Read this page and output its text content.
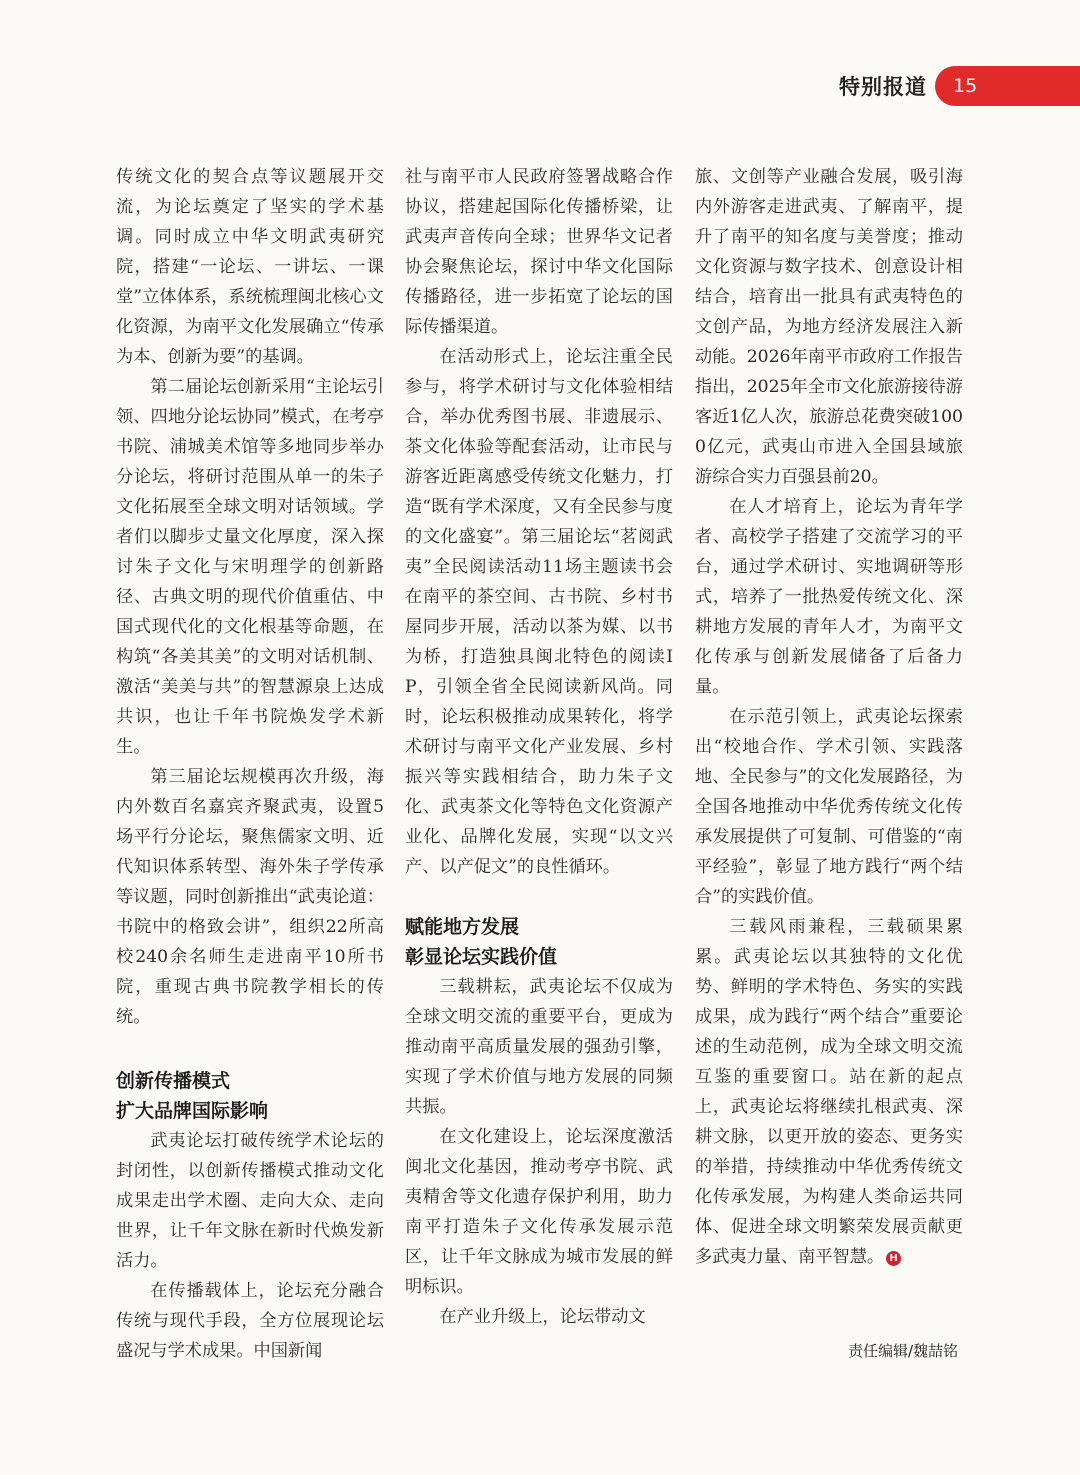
特别报道 15

传统文化的契合点等议题展开交流，为论坛奠定了坚实的学术基调。同时成立中华文明武夷研究院，搭建“一论坛、一讲坛、一课堂”立体体系，系统梳理闽北核心文化资源，为南平文化发展确立“传承为本、创新为要”的基调。

第二届论坛创新采用“主论坛引领、四地分论坛协同”模式，在考亭书院、浦城美术馆等多地同步举办分论坛，将研讨范围从单一的朱子文化拓展至全球文明对话领域。学者们以脚步丈量文化厚度，深入探讨朱子文化与宋明理学的创新路径、古典文明的现代价值重估、中国式现代化的文化根基等命题，在构筑“各美其美”的文明对话机制、激活“美美与共”的智慧源泉上达成共识，也让千年书院焕发学术新生。

第三届论坛规模再次升级，海内外数百名嘉宾齐聚武夷，设置5场平行分论坛，聚焦儒家文明、近代知识体系转型、海外朱子学传承等议题，同时创新推出“武夷论道：书院中的格致会讲”，组织22所高校240余名师生走进南平10所书院，重现古典书院教学相长的传统。

创新传播模式
扩大品牌国际影响

武夷论坛打破传统学术论坛的封闭性，以创新传播模式推动文化成果走出学术圈、走向大众、走向世界，让千年文脉在新时代焕发新活力。

在传播载体上，论坛充分融合传统与现代手段，全方位展现论坛盛况与学术成果。中国新闻

社与南平市人民政府签署战略合作协议，搭建起国际化传播桥梁，让武夷声音传向全球；世界华文记者协会聚焦论坛，探讨中华文化国际传播路径，进一步拓宽了论坛的国际传播渠道。

在活动形式上，论坛注重全民参与，将学术研讨与文化体验相结合，举办优秀图书展、非遗展示、茶文化体验等配套活动，让市民与游客近距离感受传统文化魅力，打造“既有学术深度，又有全民参与度的文化盛宴”。第三届论坛“茗阅武夷”全民阅读活动11场主题读书会在南平的茶空间、古书院、乡村书屋同步开展，活动以茶为媒、以书为桥，打造独具闽北特色的阅读IP，引领全省全民阅读新风尚。同时，论坛积极推动成果转化，将学术研讨与南平文化产业发展、乡村振兴等实践相结合，助力朱子文化、武夷茶文化等特色文化资源产业化、品牌化发展，实现“以文兴产、以产促文”的良性循环。

赋能地方发展
彰显论坛实践价值

三载耕耘，武夷论坛不仅成为全球文明交流的重要平台，更成为推动南平高质量发展的强劲引擎，实现了学术价值与地方发展的同频共振。

在文化建设上，论坛深度激活闽北文化基因，推动考亭书院、武夷精舍等文化遗存保护利用，助力南平打造朱子文化传承发展示范区，让千年文脉成为城市发展的鲜明标识。

在产业升级上，论坛带动文

旅、文创等产业融合发展，吸引海内外游客走进武夷、了解南平，提升了南平的知名度与美誉度；推动文化资源与数字技术、创意设计相结合，培育出一批具有武夷特色的文创产品，为地方经济发展注入新动能。2026年南平市政府工作报告指出，2025年全市文化旅游接待游客近1亿人次，旅游总花费突破1000亿元，武夷山市进入全国县域旅游综合实力百强县前20。

在人才培育上，论坛为青年学者、高校学子搭建了交流学习的平台，通过学术研讨、实地调研等形式，培养了一批热爱传统文化、深耕地方发展的青年人才，为南平文化传承与创新发展储备了后备力量。

在示范引领上，武夷论坛探索出“校地合作、学术引领、实践落地、全民参与”的文化发展路径，为全国各地推动中华优秀传统文化传承发展提供了可复制、可借鉴的“南平经验”，彰显了地方践行“两个结合”的实践价值。

三载风雨兼程，三载硕果累累。武夷论坛以其独特的文化优势、鲜明的学术特色、务实的实践成果，成为践行“两个结合”重要论述的生动范例，成为全球文明交流互鉴的重要窗口。站在新的起点上，武夷论坛将继续扎根武夷、深耕文脉，以更开放的姿态、更务实的举措，持续推动中华优秀传统文化传承发展，为构建人类命运共同体、促进全球文明繁荣发展贡献更多武夷力量、南平智慧。 H

责任编辑/魏喆铭
